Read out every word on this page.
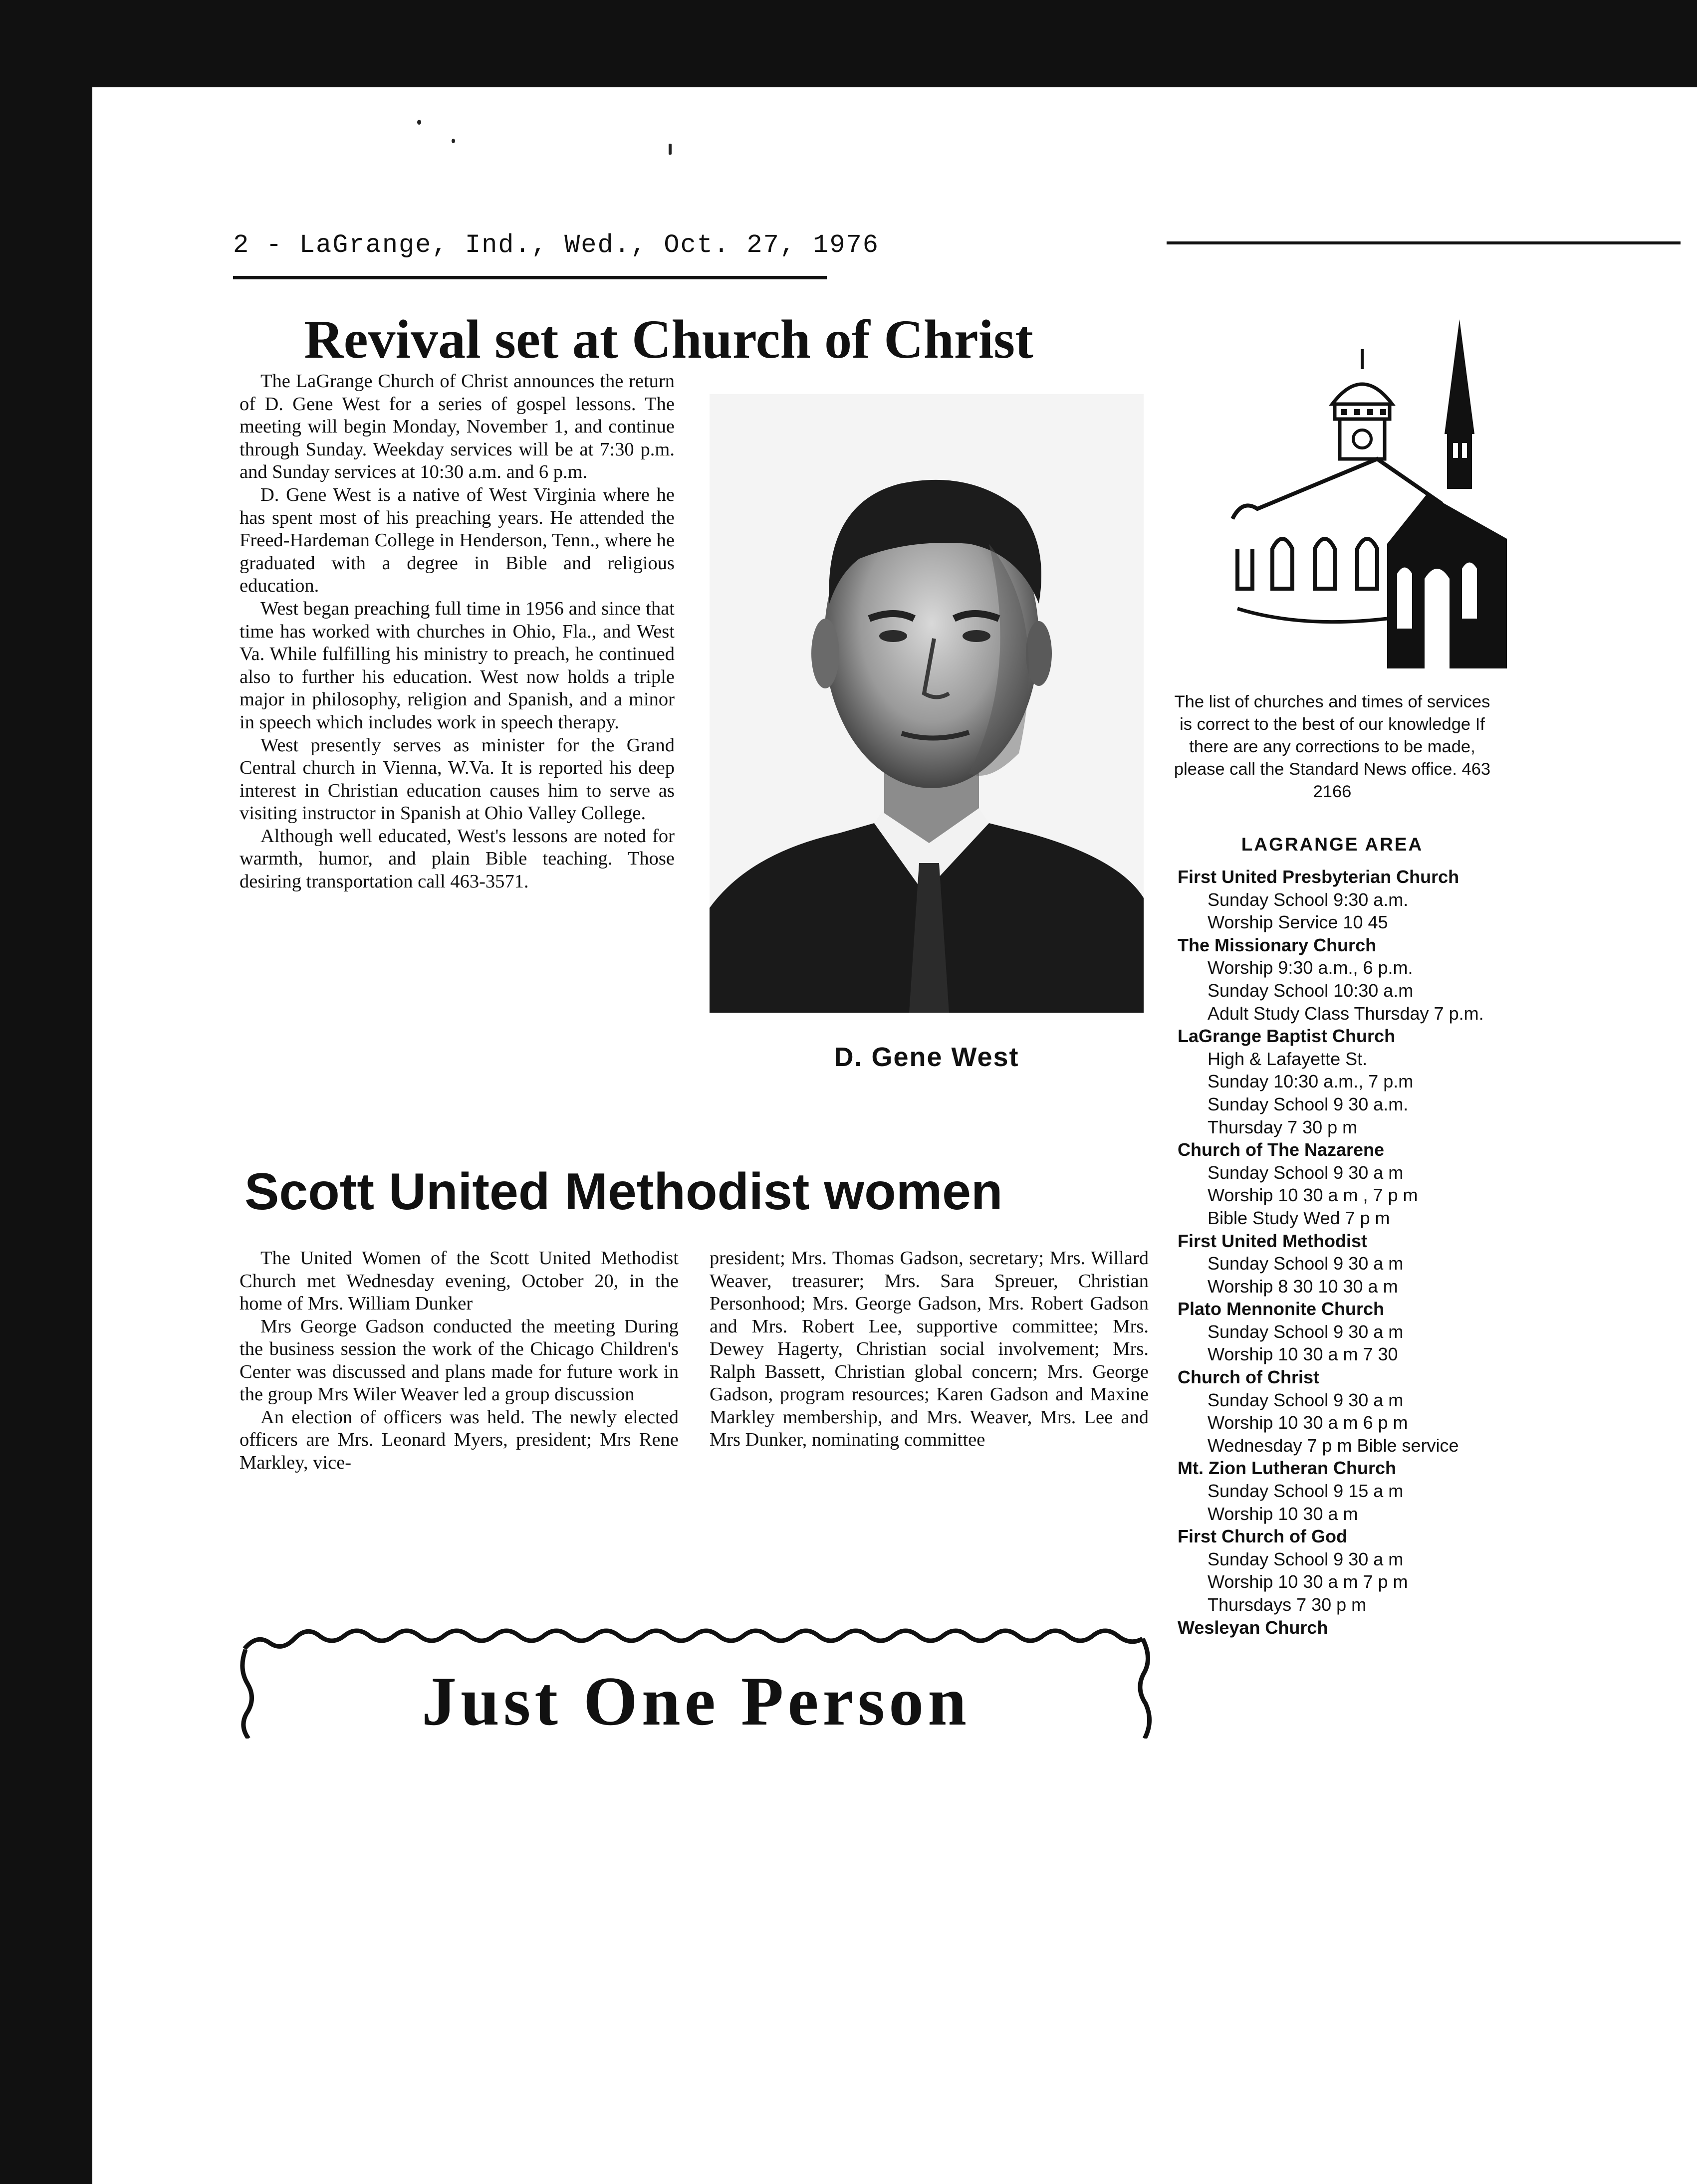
2 - LaGrange, Ind., Wed., Oct. 27, 1976
Revival set at Church of Christ

The LaGrange Church of Christ announces the return of D. Gene West for a series of gospel lessons. The meeting will begin Monday, November 1, and continue through Sunday. Weekday services will be at 7:30 p.m. and Sunday services at 10:30 a.m. and 6 p.m.

D. Gene West is a native of West Virginia where he has spent most of his preaching years. He attended the Freed-Hardeman College in Henderson, Tenn., where he graduated with a degree in Bible and religious education.

West began preaching full time in 1956 and since that time has worked with churches in Ohio, Fla., and West Va. While fulfilling his ministry to preach, he continued also to further his education. West now holds a triple major in philosophy, religion and Spanish, and a minor in speech which includes work in speech therapy.

West presently serves as minister for the Grand Central church in Vienna, W.Va. It is reported his deep interest in Christian education causes him to serve as visiting instructor in Spanish at Ohio Valley College.

Although well educated, West's lessons are noted for warmth, humor, and plain Bible teaching. Those desiring transportation call 463-3571.

D. Gene West
Scott United Methodist women

The United Women of the Scott United Methodist Church met Wednesday evening, October 20, in the home of Mrs. William Dunker

Mrs George Gadson conducted the meeting During the business session the work of the Chicago Children's Center was discussed and plans made for future work in the group Mrs Wiler Weaver led a group discussion

An election of officers was held. The newly elected officers are Mrs. Leonard Myers, president; Mrs Rene Markley, vice-

president; Mrs. Thomas Gadson, secretary; Mrs. Willard Weaver, treasurer; Mrs. Sara Spreuer, Christian Personhood; Mrs. George Gadson, Mrs. Robert Gadson and Mrs. Robert Lee, supportive committee; Mrs. Dewey Hagerty, Christian social involvement; Mrs. Ralph Bassett, Christian global concern; Mrs. George Gadson, program resources; Karen Gadson and Maxine Markley membership, and Mrs. Weaver, Mrs. Lee and Mrs Dunker, nominating committee

Just One Person
The list of churches and times of services is correct to the best of our knowledge If there are any corrections to be made, please call the Standard News office. 463 2166
LAGRANGE AREA
First United Presbyterian Church
Sunday School 9:30 a.m.
Worship Service 10 45
The Missionary Church
Worship 9:30 a.m., 6 p.m.
Sunday School 10:30 a.m
Adult Study Class Thursday 7 p.m.
LaGrange Baptist Church
High & Lafayette St.
Sunday 10:30 a.m., 7 p.m
Sunday School 9 30 a.m.
Thursday 7 30 p m
Church of The Nazarene
Sunday School 9 30 a m
Worship 10 30 a m , 7 p m
Bible Study Wed 7 p m
First United Methodist
Sunday School 9 30 a m
Worship 8 30 10 30 a m
Plato Mennonite Church
Sunday School 9 30 a m
Worship 10 30 a m 7 30
Church of Christ
Sunday School 9 30 a m
Worship 10 30 a m 6 p m
Wednesday 7 p m Bible service
Mt. Zion Lutheran Church
Sunday School 9 15 a m
Worship 10 30 a m
First Church of God
Sunday School 9 30 a m
Worship 10 30 a m 7 p m
Thursdays 7 30 p m
Wesleyan Church
